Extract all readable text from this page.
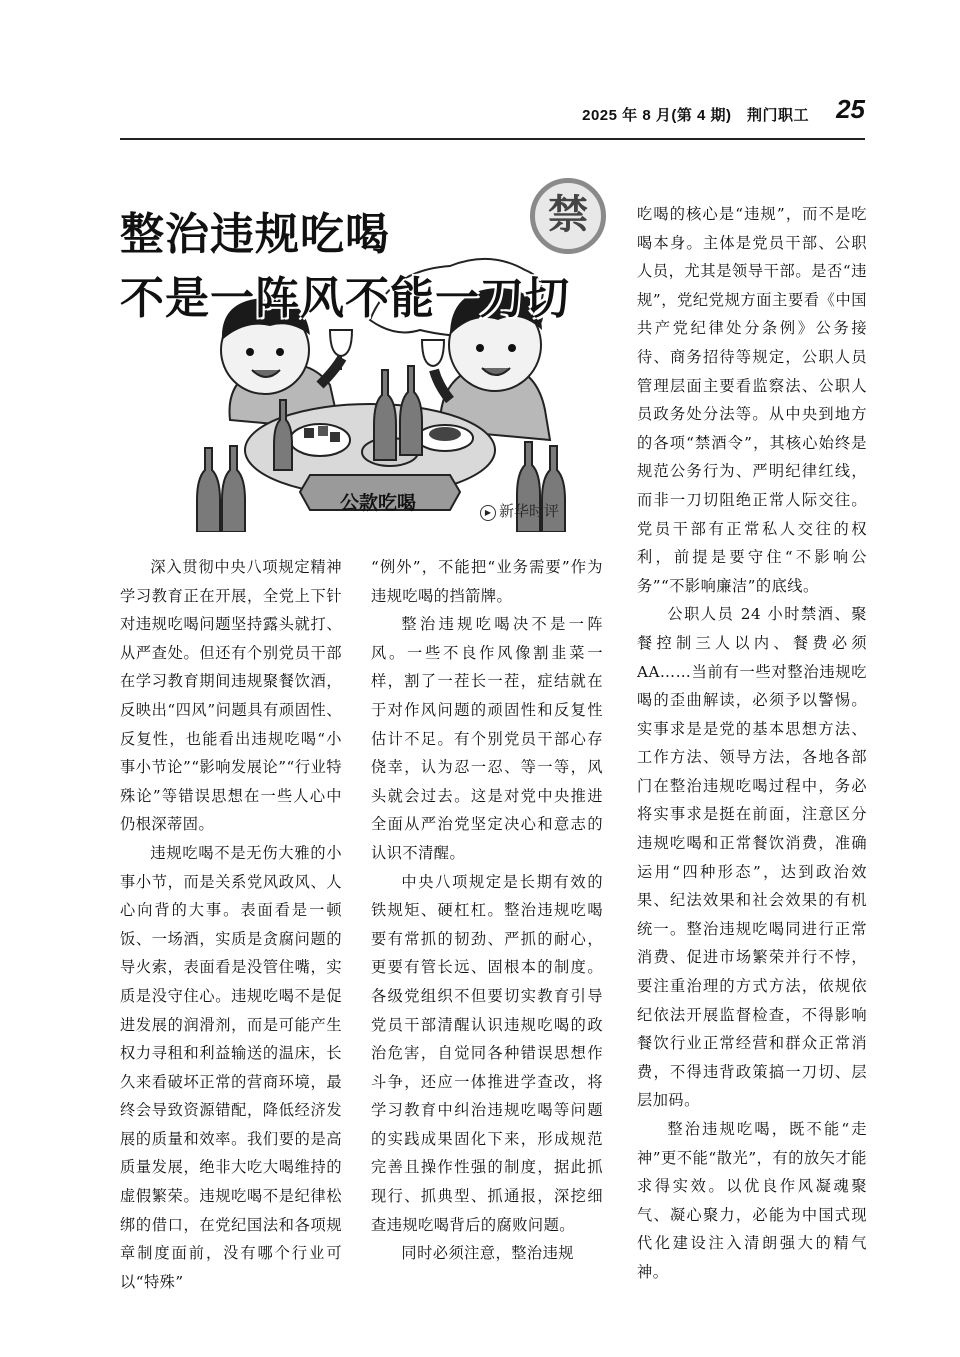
2025 年 8 月(第 4 期)　荆门职工 25
整治违规吃喝
不是一阵风不能一刀切
禁
公款吃喝	▶ 新华时评

深入贯彻中央八项规定精神学习教育正在开展，全党上下针对违规吃喝问题坚持露头就打、从严查处。但还有个别党员干部在学习教育期间违规聚餐饮酒，反映出“四风”问题具有顽固性、反复性，也能看出违规吃喝“小事小节论”“影响发展论”“行业特殊论”等错误思想在一些人心中仍根深蒂固。

违规吃喝不是无伤大雅的小事小节，而是关系党风政风、人心向背的大事。表面看是一顿饭、一场酒，实质是贪腐问题的导火索，表面看是没管住嘴，实质是没守住心。违规吃喝不是促进发展的润滑剂，而是可能产生权力寻租和利益输送的温床，长久来看破坏正常的营商环境，最终会导致资源错配，降低经济发展的质量和效率。我们要的是高质量发展，绝非大吃大喝维持的虚假繁荣。违规吃喝不是纪律松绑的借口，在党纪国法和各项规章制度面前，没有哪个行业可以“特殊”

“例外”，不能把“业务需要”作为违规吃喝的挡箭牌。

整治违规吃喝决不是一阵风。一些不良作风像割韭菜一样，割了一茬长一茬，症结就在于对作风问题的顽固性和反复性估计不足。有个别党员干部心存侥幸，认为忍一忍、等一等，风头就会过去。这是对党中央推进全面从严治党坚定决心和意志的认识不清醒。

中央八项规定是长期有效的铁规矩、硬杠杠。整治违规吃喝要有常抓的韧劲、严抓的耐心，更要有管长远、固根本的制度。各级党组织不但要切实教育引导党员干部清醒认识违规吃喝的政治危害，自觉同各种错误思想作斗争，还应一体推进学查改，将学习教育中纠治违规吃喝等问题的实践成果固化下来，形成规范完善且操作性强的制度，据此抓现行、抓典型、抓通报，深挖细查违规吃喝背后的腐败问题。

同时必须注意，整治违规

吃喝的核心是“违规”，而不是吃喝本身。主体是党员干部、公职人员，尤其是领导干部。是否“违规”，党纪党规方面主要看《中国共产党纪律处分条例》公务接待、商务招待等规定，公职人员管理层面主要看监察法、公职人员政务处分法等。从中央到地方的各项“禁酒令”，其核心始终是规范公务行为、严明纪律红线，而非一刀切阻绝正常人际交往。党员干部有正常私人交往的权利，前提是要守住“不影响公务”“不影响廉洁”的底线。

公职人员 24 小时禁酒、聚餐控制三人以内、餐费必须 AA……当前有一些对整治违规吃喝的歪曲解读，必须予以警惕。实事求是是党的基本思想方法、工作方法、领导方法，各地各部门在整治违规吃喝过程中，务必将实事求是挺在前面，注意区分违规吃喝和正常餐饮消费，准确运用“四种形态”，达到政治效果、纪法效果和社会效果的有机统一。整治违规吃喝同进行正常消费、促进市场繁荣并行不悖，要注重治理的方式方法，依规依纪依法开展监督检查，不得影响餐饮行业正常经营和群众正常消费，不得违背政策搞一刀切、层层加码。

整治违规吃喝，既不能“走神”更不能“散光”，有的放矢才能求得实效。以优良作风凝魂聚气、凝心聚力，必能为中国式现代化建设注入清朗强大的精气神。
